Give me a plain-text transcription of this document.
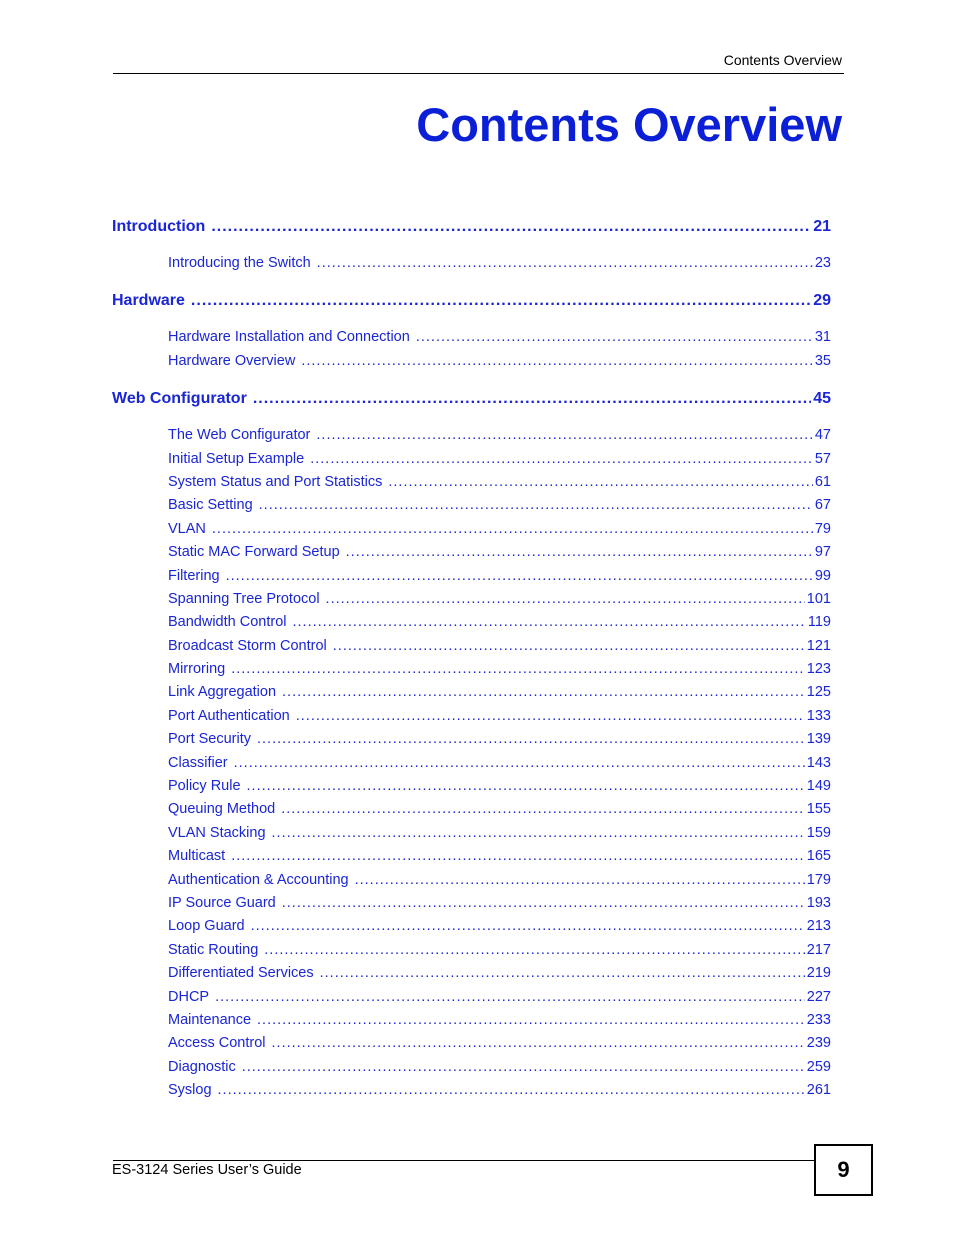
Contents Overview
Contents Overview
Introduction .....	21
Introducing the Switch .....	23
Hardware .....	29
Hardware Installation and Connection .....	31
Hardware Overview .....	35
Web Configurator .....	45
The Web Configurator .....	47
Initial Setup Example .....	57
System Status and Port Statistics .....	61
Basic Setting .....	67
VLAN .....	79
Static MAC Forward Setup .....	97
Filtering .....	99
Spanning Tree Protocol .....	101
Bandwidth Control .....	119
Broadcast Storm Control .....	121
Mirroring .....	123
Link Aggregation .....	125
Port Authentication .....	133
Port Security .....	139
Classifier .....	143
Policy Rule .....	149
Queuing Method .....	155
VLAN Stacking .....	159
Multicast .....	165
Authentication & Accounting .....	179
IP Source Guard .....	193
Loop Guard .....	213
Static Routing .....	217
Differentiated Services .....	219
DHCP .....	227
Maintenance .....	233
Access Control .....	239
Diagnostic .....	259
Syslog .....	261
ES-3124 Series User’s Guide	9
